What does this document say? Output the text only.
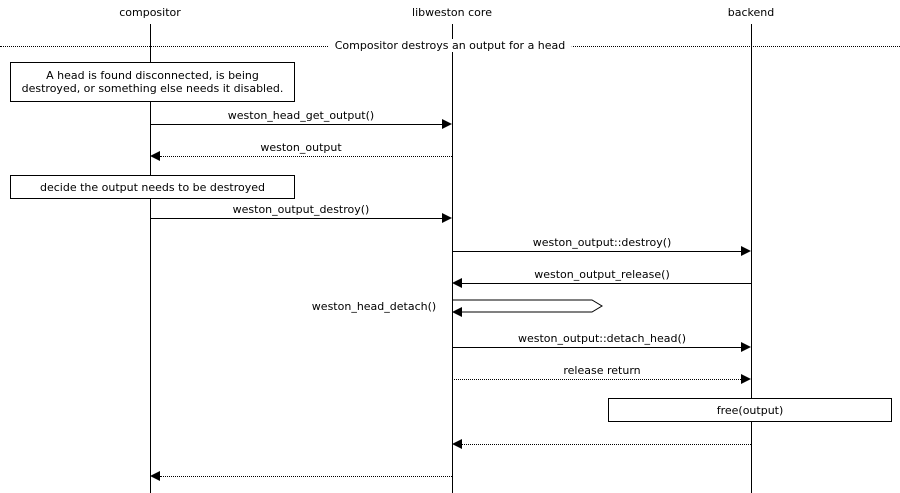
compositor	libweston core	backend
Compositor destroys an output for a head
A head is found disconnected, is being destroyed, or something else needs it disabled.
weston_head_get_output()
weston_output
decide the output needs to be destroyed
weston_output_destroy()
weston_output::destroy()
weston_output_release()
weston_head_detach()
weston_output::detach_head()
release return
free(output)
